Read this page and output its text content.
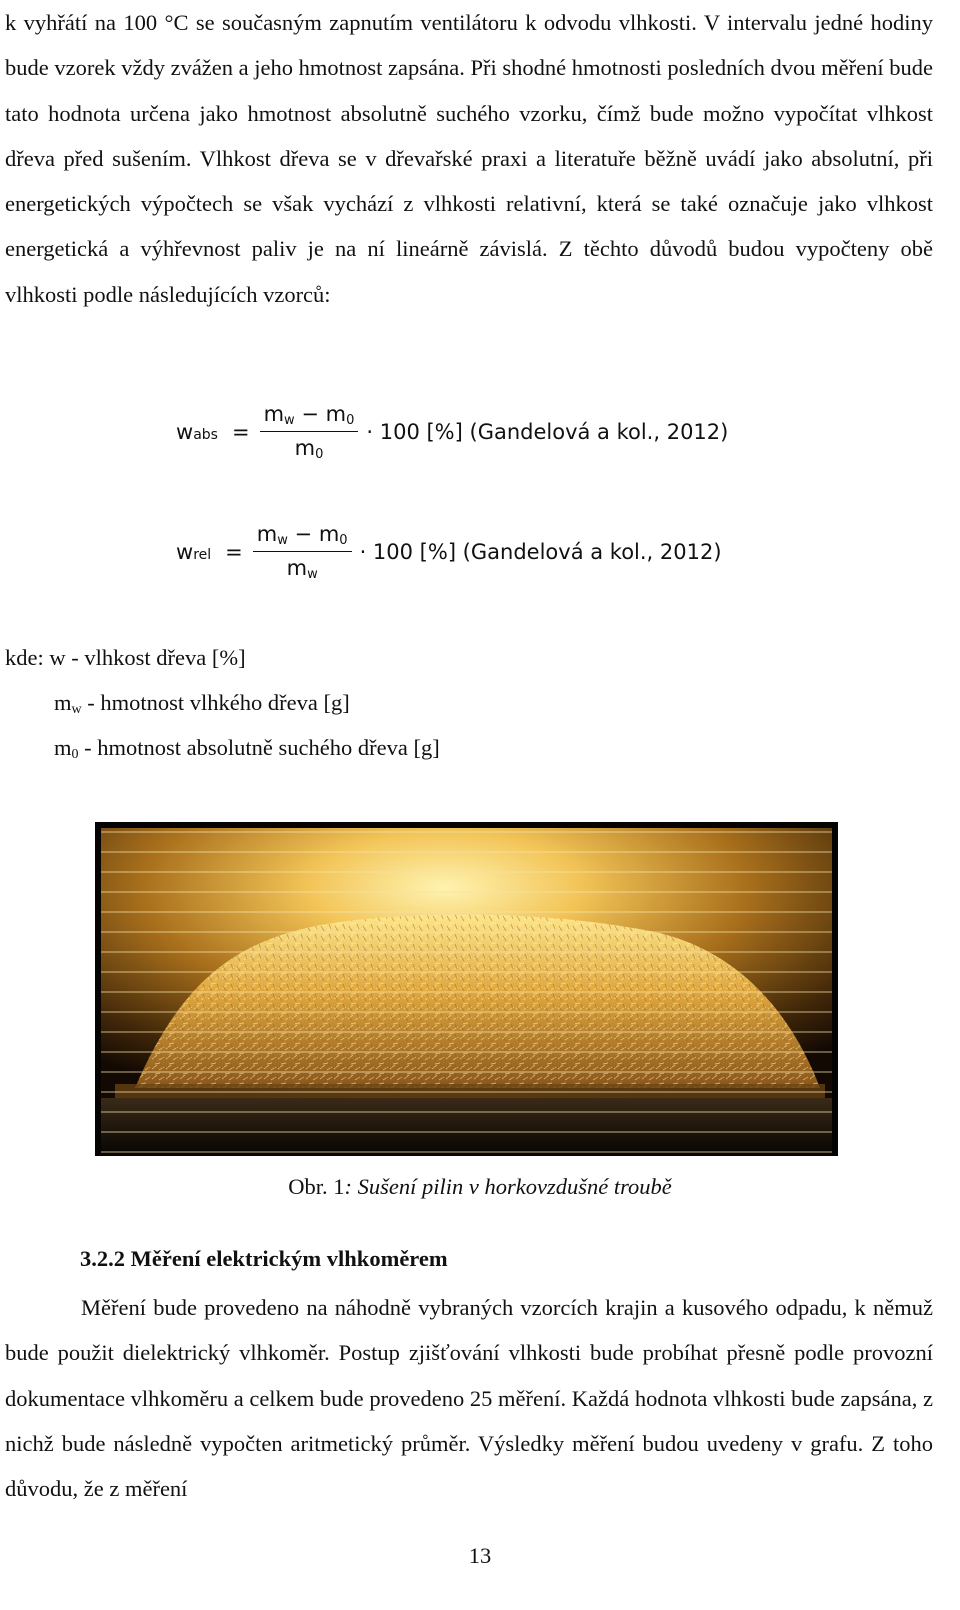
k vyhřátí na 100 °C se současným zapnutím ventilátoru k odvodu vlhkosti. V intervalu jedné hodiny bude vzorek vždy zvážen a jeho hmotnost zapsána. Při shodné hmotnosti posledních dvou měření bude tato hodnota určena jako hmotnost absolutně suchého vzorku, čímž bude možno vypočítat vlhkost dřeva před sušením. Vlhkost dřeva se v dřevařské praxi a literatuře běžně uvádí jako absolutní, při energetických výpočtech se však vychází z vlhkosti relativní, která se také označuje jako vlhkost energetická a výhřevnost paliv je na ní lineárně závislá. Z těchto důvodů budou vypočteny obě vlhkosti podle následujících vzorců:

w abs = $\frac{m_w - m_0}{m_0} \cdot 100$ [%] (Gandelová a kol., 2012)
w rel = $\frac{m_w - m_0}{m_w} \cdot 100$ [%] (Gandelová a kol., 2012)
kde: w - vlhkost dřeva [%]
$m_w$ - hmotnost vlhkého dřeva [g]
$m_0$ - hmotnost absolutně suchého dřeva [g]
Obr. 1: Sušení pilin v horkovzdušné troubě
3.2.2 Měření elektrickým vlhkoměrem

Měření bude provedeno na náhodně vybraných vzorcích krajin a kusového odpadu, k němuž bude použit dielektrický vlhkoměr. Postup zjišťování vlhkosti bude probíhat přesně podle provozní dokumentace vlhkoměru a celkem bude provedeno 25 měření. Každá hodnota vlhkosti bude zapsána, z nichž bude následně vypočten aritmetický průměr. Výsledky měření budou uvedeny v grafu. Z toho důvodu, že z měření

13
